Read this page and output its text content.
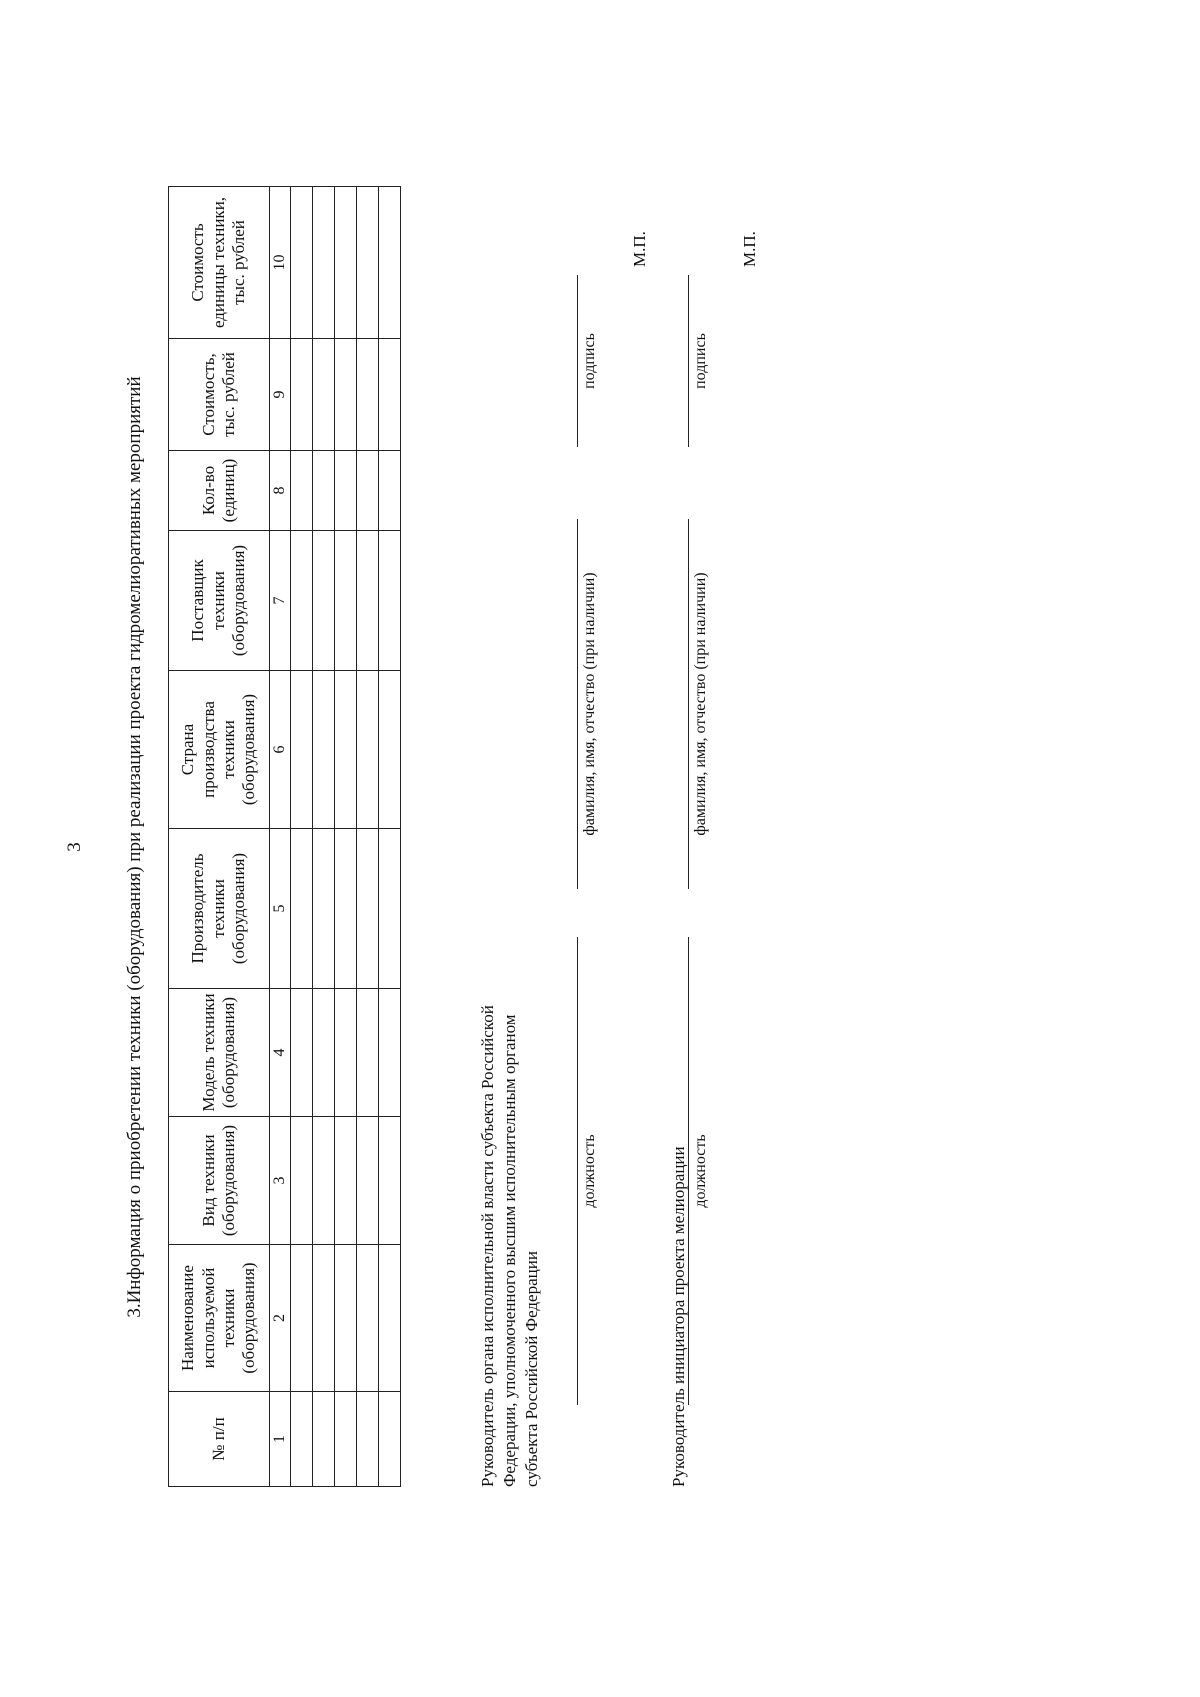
3 3.Информация о приобретении техники (оборудования) при реализации проекта гидромелиоративных мероприятий
№ п/п	Наименование используемой техники (оборудования)	Вид техники (оборудования)	Модель техники (оборудования)	Производитель техники (оборудования)	Страна производства техники (оборудования)	Поставщик техники (оборудования)	Кол-во (единиц)	Стоимость, тыс. рублей	Стоимость единицы техники, тыс. рублей
1	2	3	4	5	6	7	8	9	10

Руководитель органа исполнительной власти субъекта Российской Федерации, уполномоченного высшим исполнительным органом субъекта Российской Федерации
должность
фамилия, имя, отчество (при наличии)
подпись
М.П.
Руководитель инициатора проекта мелиорации должность
фамилия, имя, отчество (при наличии)
подпись
М.П.
